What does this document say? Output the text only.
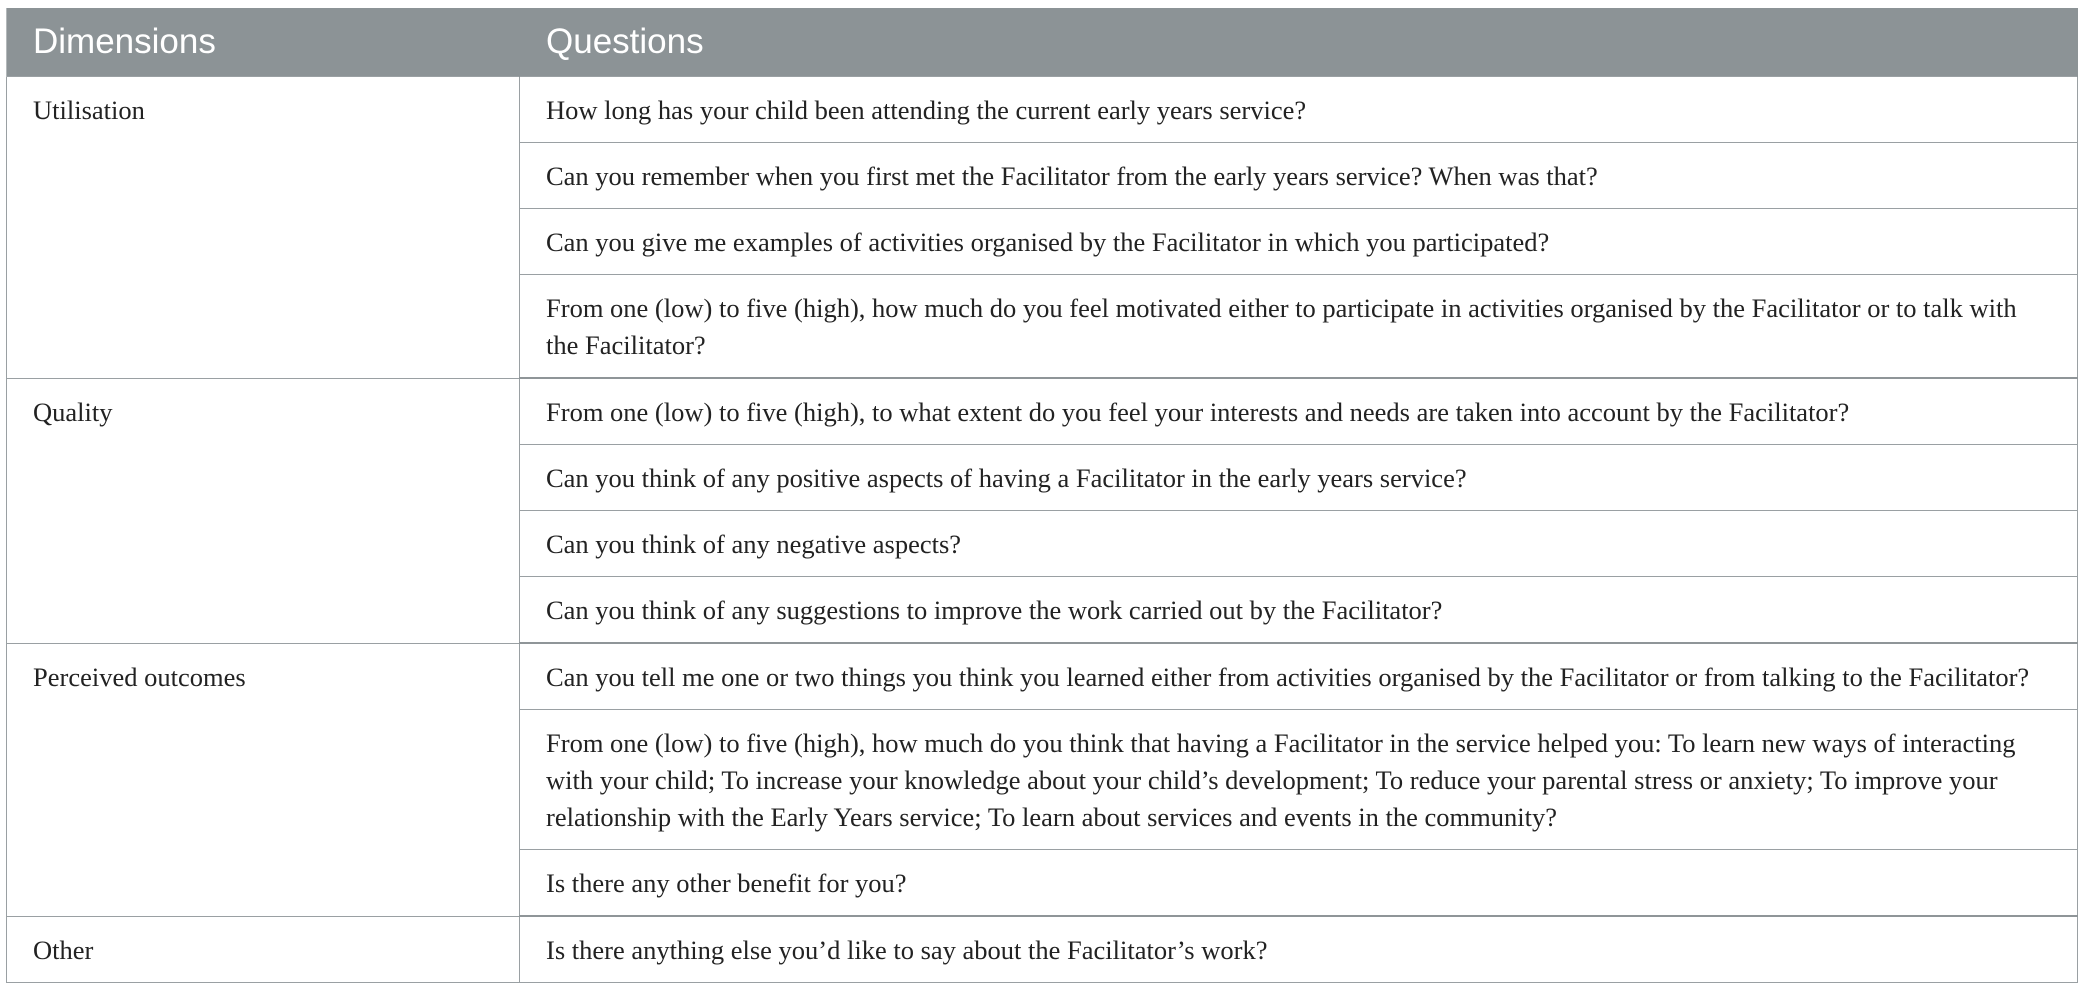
Dimensions	Questions
Utilisation	How long has your child been attending the current early years service?
	Can you remember when you first met the Facilitator from the early years service? When was that?
	Can you give me examples of activities organised by the Facilitator in which you participated?
	From one (low) to five (high), how much do you feel motivated either to participate in activities organised by the Facilitator or to talk with the Facilitator?
Quality	From one (low) to five (high), to what extent do you feel your interests and needs are taken into account by the Facilitator?
	Can you think of any positive aspects of having a Facilitator in the early years service?
	Can you think of any negative aspects?
	Can you think of any suggestions to improve the work carried out by the Facilitator?
Perceived outcomes	Can you tell me one or two things you think you learned either from activities organised by the Facilitator or from talking to the Facilitator?
	From one (low) to five (high), how much do you think that having a Facilitator in the service helped you: To learn new ways of interacting with your child; To increase your knowledge about your child’s development; To reduce your parental stress or anxiety; To improve your relationship with the Early Years service; To learn about services and events in the community?
	Is there any other benefit for you?
Other	Is there anything else you’d like to say about the Facilitator’s work?
